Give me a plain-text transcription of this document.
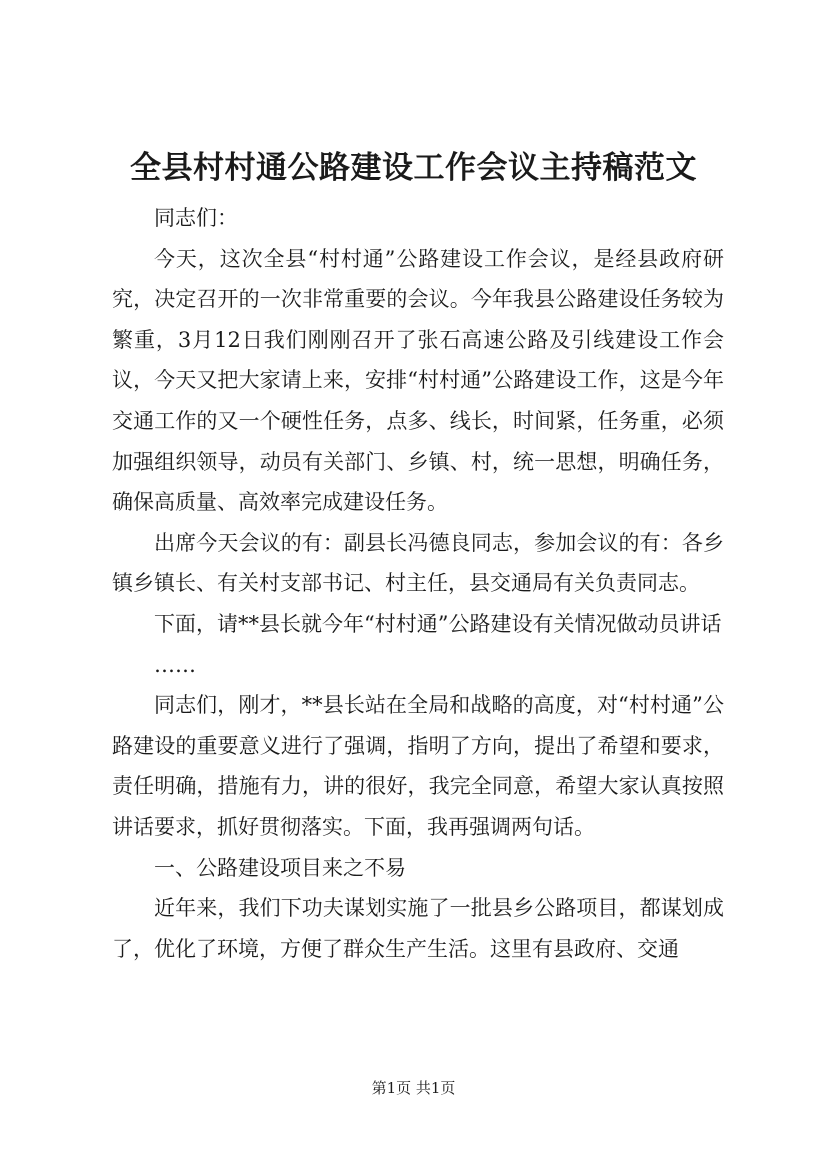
全县村村通公路建设工作会议主持稿范文

同志们：

今天，这次全县“村村通”公路建设工作会议，是经县政府研究，决定召开的一次非常重要的会议。今年我县公路建设任务较为繁重，3月12日我们刚刚召开了张石高速公路及引线建设工作会议，今天又把大家请上来，安排“村村通”公路建设工作，这是今年交通工作的又一个硬性任务，点多、线长，时间紧，任务重，必须加强组织领导，动员有关部门、乡镇、村，统一思想，明确任务，确保高质量、高效率完成建设任务。

出席今天会议的有：副县长冯德良同志，参加会议的有：各乡镇乡镇长、有关村支部书记、村主任，县交通局有关负责同志。

下面，请**县长就今年“村村通”公路建设有关情况做动员讲话

……

同志们，刚才，**县长站在全局和战略的高度，对“村村通”公路建设的重要意义进行了强调，指明了方向，提出了希望和要求，责任明确，措施有力，讲的很好，我完全同意，希望大家认真按照讲话要求，抓好贯彻落实。下面，我再强调两句话。

一、公路建设项目来之不易

近年来，我们下功夫谋划实施了一批县乡公路项目，都谋划成了，优化了环境，方便了群众生产生活。这里有县政府、交通

第1页 共1页
